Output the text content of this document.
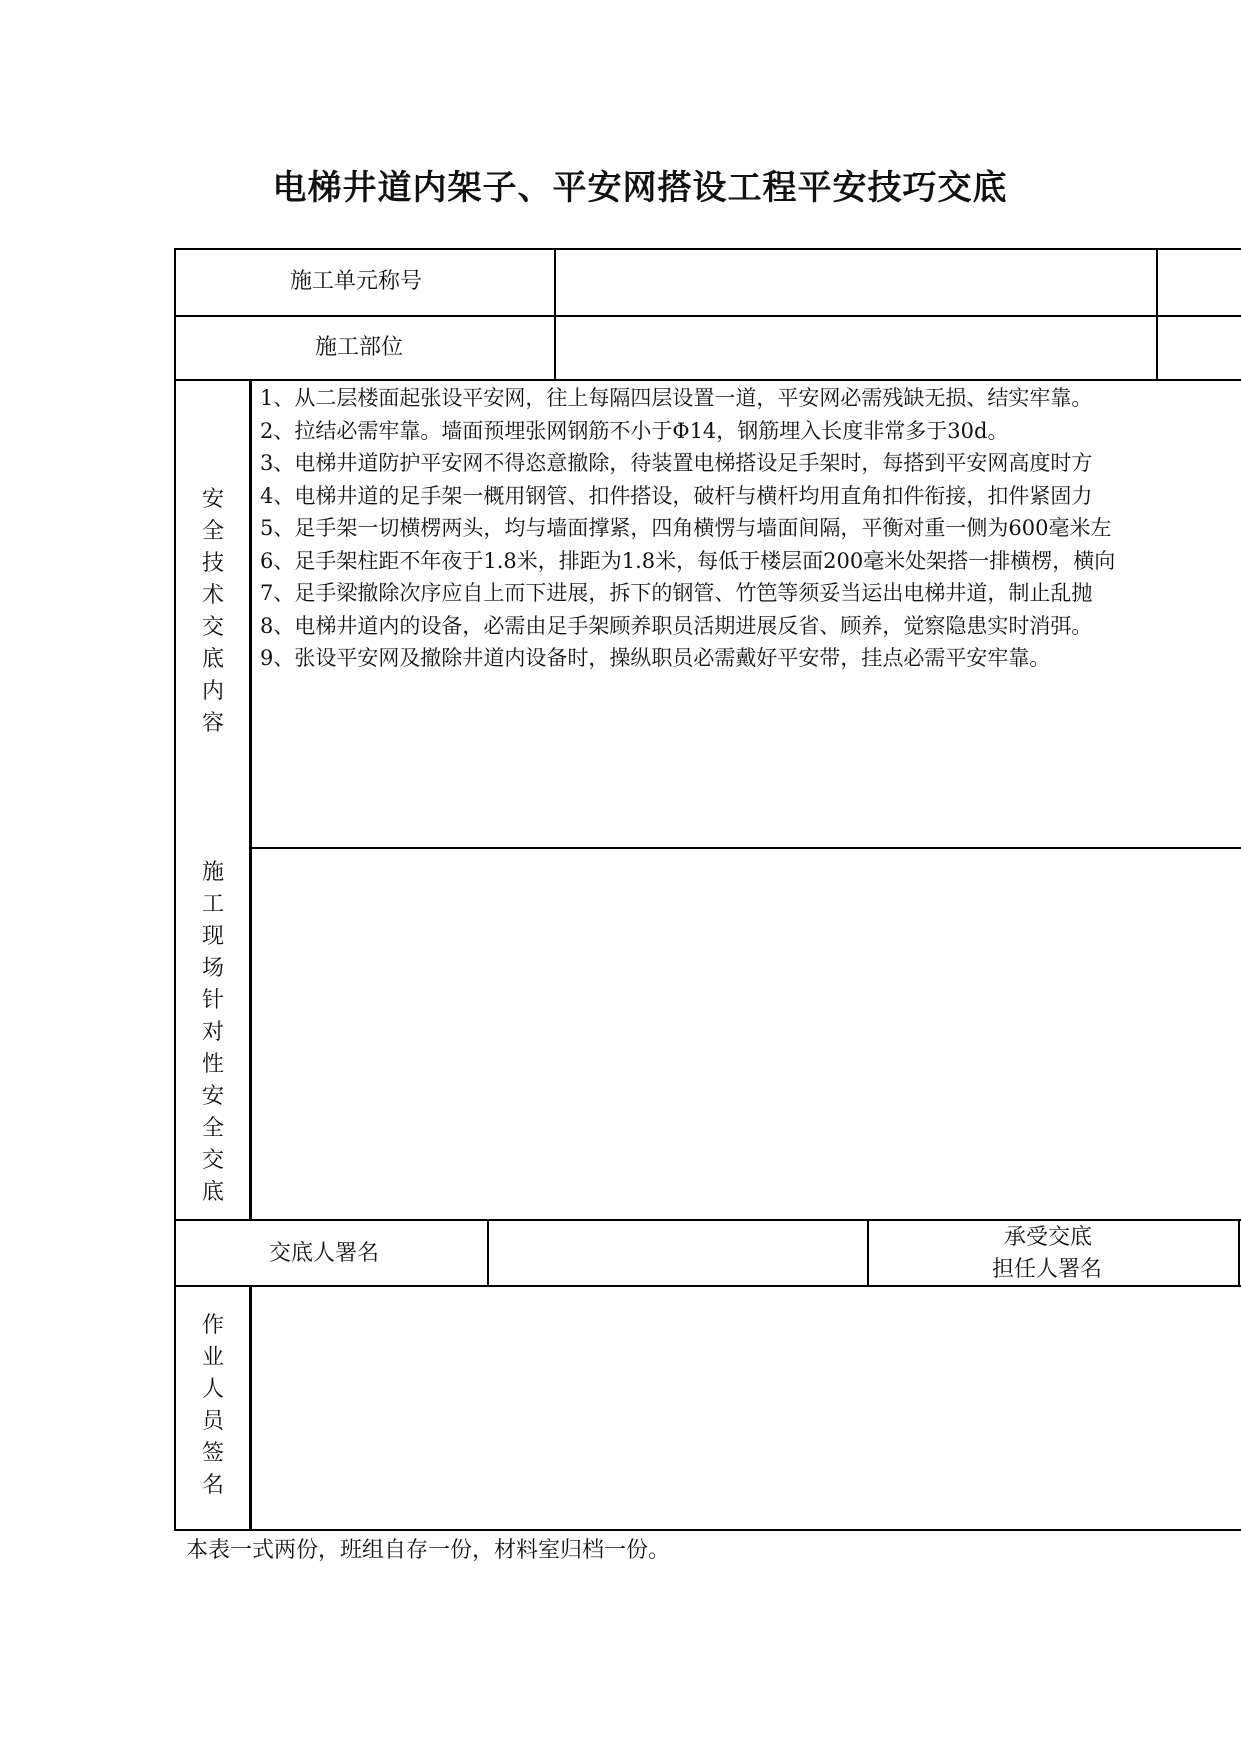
电梯井道内架子、平安网搭设工程平安技巧交底
施工单元称号
施工部位
安全技术交底内容
1、从二层楼面起张设平安网，往上每隔四层设置一道，平安网必需残缺无损、结实牢靠。
2、拉结必需牢靠。墙面预埋张网钢筋不小于Φ14，钢筋埋入长度非常多于30d。
3、电梯井道防护平安网不得恣意撤除，待装置电梯搭设足手架时，每搭到平安网高度时方
4、电梯井道的足手架一概用钢管、扣件搭设，破杆与横杆均用直角扣件衔接，扣件紧固力
5、足手架一切横楞两头，均与墙面撑紧，四角横愣与墙面间隔，平衡对重一侧为600毫米左
6、足手架柱距不年夜于1.8米，排距为1.8米，每低于楼层面200毫米处架搭一排横楞，横向
7、足手梁撤除次序应自上而下进展，拆下的钢管、竹笆等须妥当运出电梯井道，制止乱抛
8、电梯井道内的设备，必需由足手架顾养职员活期进展反省、顾养，觉察隐患实时消弭。
9、张设平安网及撤除井道内设备时，操纵职员必需戴好平安带，挂点必需平安牢靠。
施工现场针对性安全交底
交底人署名
承受交底
担任人署名
作业人员签名
本表一式两份，班组自存一份，材料室归档一份。
